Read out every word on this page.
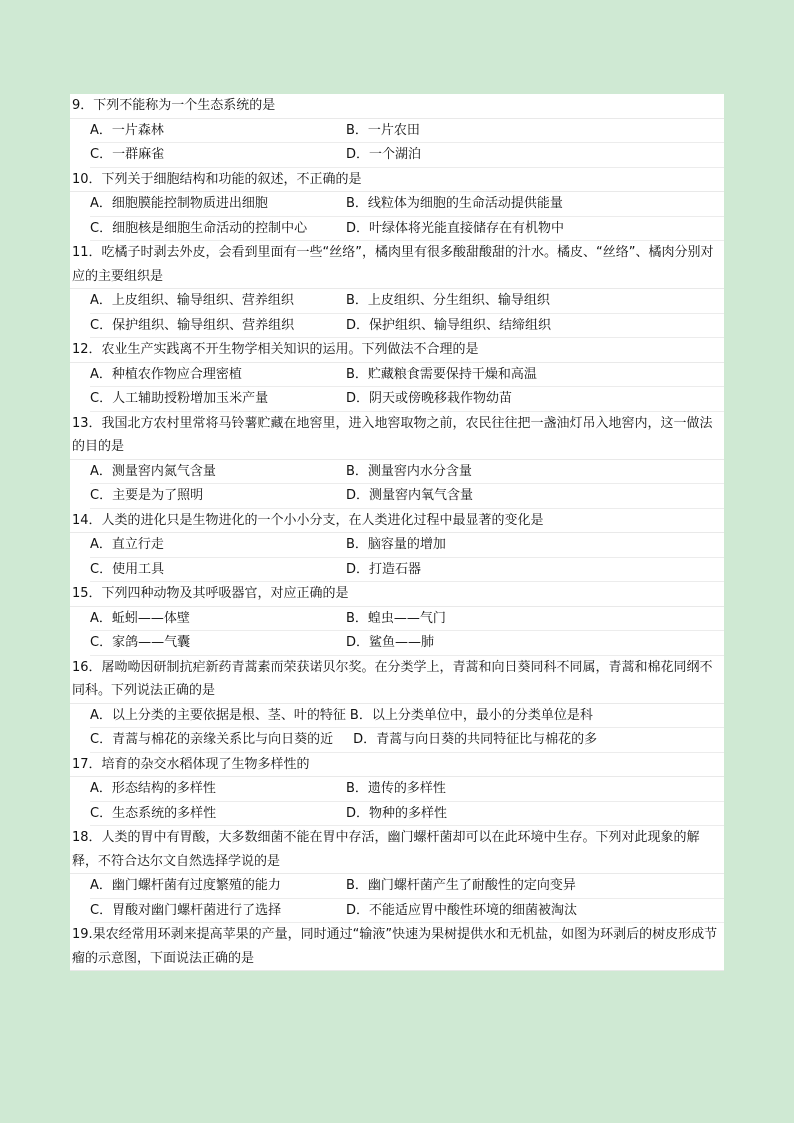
9．下列不能称为一个生态系统的是
A．一片森林	B．一片农田
C．一群麻雀	D．一个湖泊
10．下列关于细胞结构和功能的叙述，不正确的是
A．细胞膜能控制物质进出细胞	B．线粒体为细胞的生命活动提供能量
C．细胞核是细胞生命活动的控制中心	D．叶绿体将光能直接储存在有机物中
11．吃橘子时剥去外皮，会看到里面有一些“丝络”，橘肉里有很多酸甜酸甜的汁水。橘皮、“丝络”、橘肉分别对应的主要组织是
A．上皮组织、输导组织、营养组织	B．上皮组织、分生组织、输导组织
C．保护组织、输导组织、营养组织	D．保护组织、输导组织、结缔组织
12．农业生产实践离不开生物学相关知识的运用。下列做法不合理的是
A．种植农作物应合理密植	B．贮藏粮食需要保持干燥和高温
C．人工辅助授粉增加玉米产量	D．阴天或傍晚移栽作物幼苗
13．我国北方农村里常将马铃薯贮藏在地窖里，进入地窖取物之前，农民往往把一盏油灯吊入地窖内，这一做法的目的是
A．测量窖内氮气含量	B．测量窖内水分含量
C．主要是为了照明	D．测量窖内氧气含量
14．人类的进化只是生物进化的一个小小分支，在人类进化过程中最显著的变化是
A．直立行走	B．脑容量的增加
C．使用工具	D．打造石器
15．下列四种动物及其呼吸器官，对应正确的是
A．蚯蚓——体壁	B．蝗虫——气门
C．家鸽——气囊	D．鲨鱼——肺
16．屠呦呦因研制抗疟新药青蒿素而荣获诺贝尔奖。在分类学上，青蒿和向日葵同科不同属，青蒿和棉花同纲不同科。下列说法正确的是
A．以上分类的主要依据是根、茎、叶的特征 B．以上分类单位中，最小的分类单位是科
C．青蒿与棉花的亲缘关系比与向日葵的近 D．青蒿与向日葵的共同特征比与棉花的多
17．培育的杂交水稻体现了生物多样性的
A．形态结构的多样性	B．遗传的多样性
C．生态系统的多样性	D．物种的多样性
18．人类的胃中有胃酸，大多数细菌不能在胃中存活，幽门螺杆菌却可以在此环境中生存。下列对此现象的解释，不符合达尔文自然选择学说的是
A．幽门螺杆菌有过度繁殖的能力	B．幽门螺杆菌产生了耐酸性的定向变异
C．胃酸对幽门螺杆菌进行了选择	D．不能适应胃中酸性环境的细菌被淘汰
19.果农经常用环剥来提高苹果的产量，同时通过“输液”快速为果树提供水和无机盐，如图为环剥后的树皮形成节瘤的示意图，下面说法正确的是
